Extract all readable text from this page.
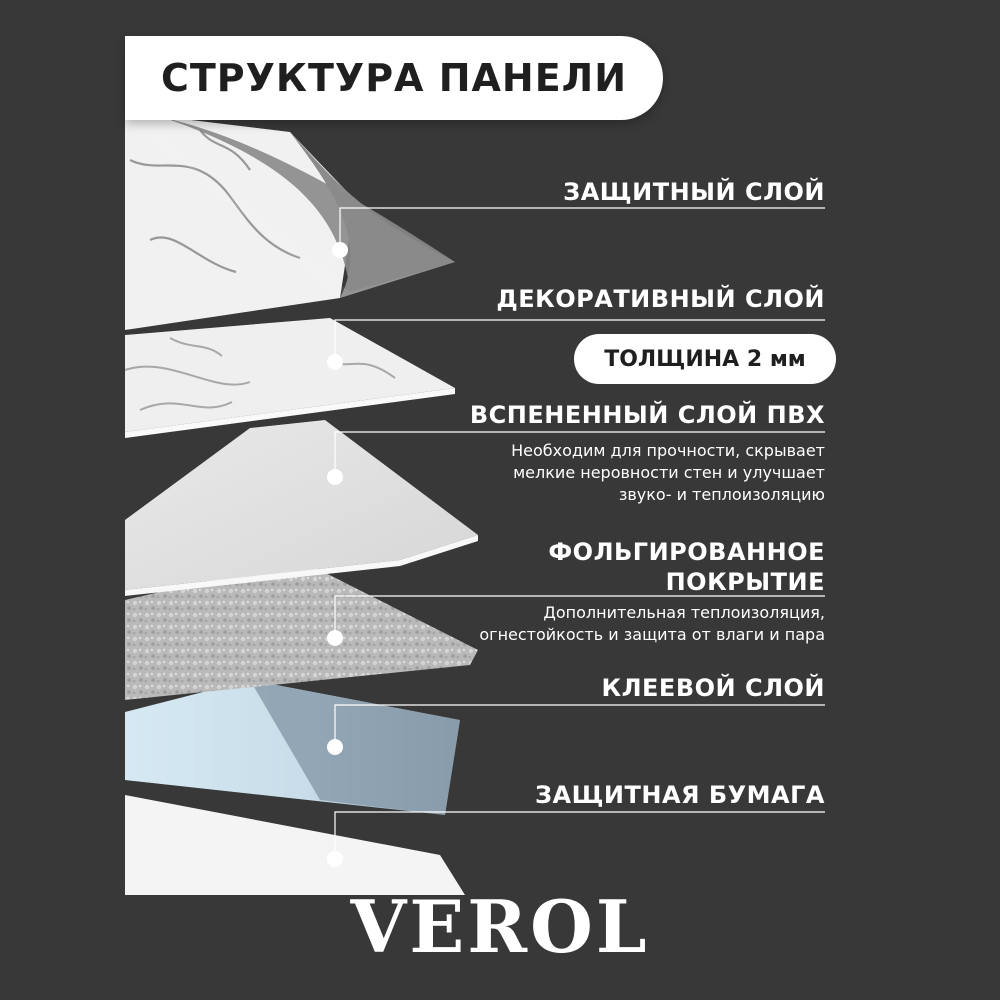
СТРУКТУРА ПАНЕЛИ
ЗАЩИТНЫЙ СЛОЙ
ДЕКОРАТИВНЫЙ СЛОЙ
ТОЛЩИНА 2 мм
ВСПЕНЕННЫЙ СЛОЙ ПВХ
Необходим для прочности, скрывает
мелкие неровности стен и улучшает
звуко- и теплоизоляцию
ФОЛЬГИРОВАННОЕ
ПОКРЫТИЕ
Дополнительная теплоизоляция,
огнестойкость и защита от влаги и пара
КЛЕЕВОЙ СЛОЙ
ЗАЩИТНАЯ БУМАГА
VEROL
